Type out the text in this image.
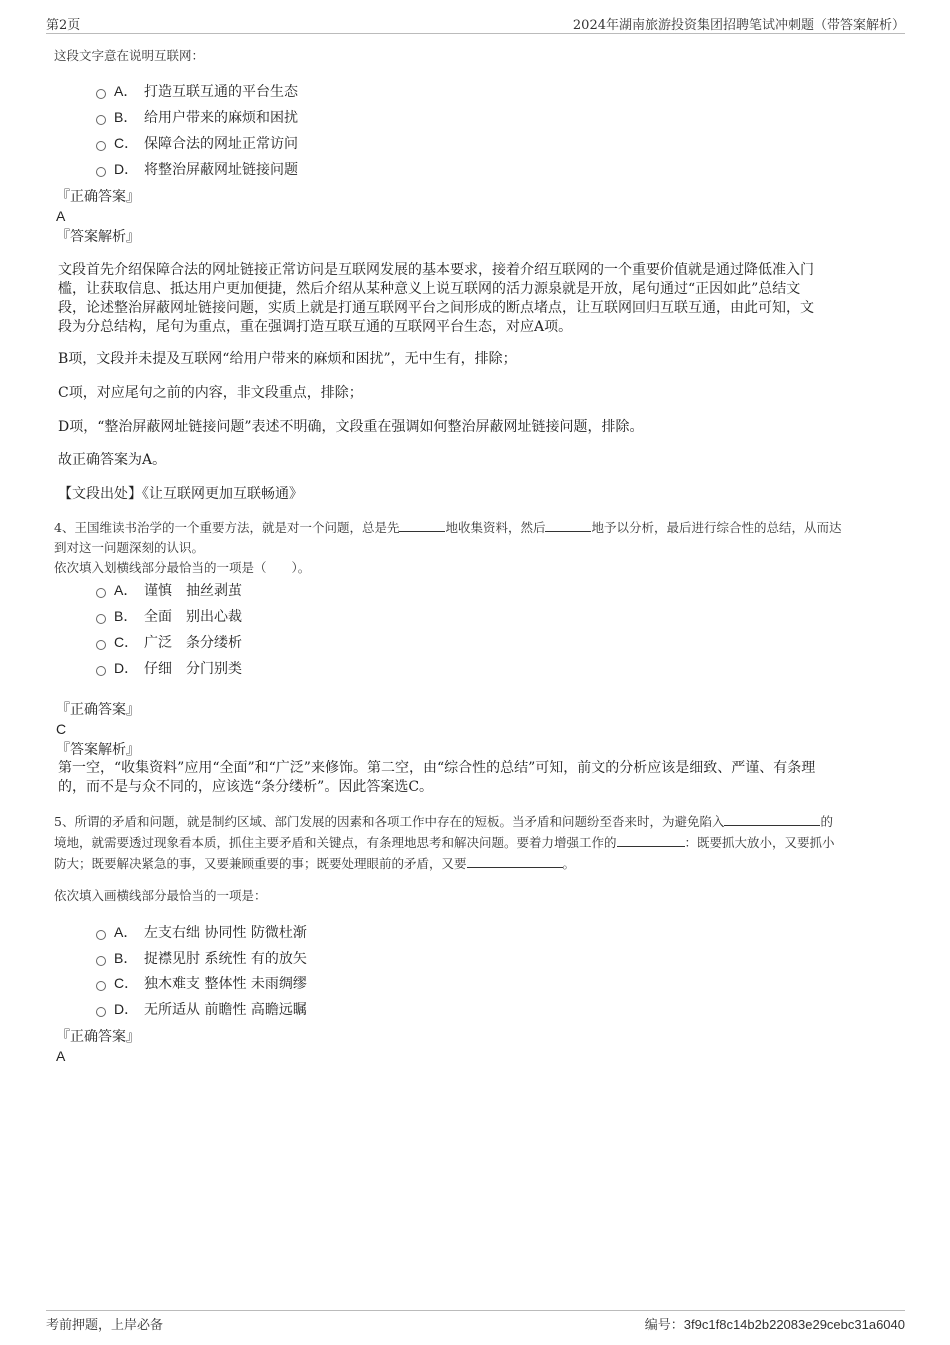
第2页	2024年湖南旅游投资集团招聘笔试冲刺题（带答案解析）
这段文字意在说明互联网：
A． 打造互联互通的平台生态
B． 给用户带来的麻烦和困扰
C． 保障合法的网址正常访问
D． 将整治屏蔽网址链接问题
『正确答案』
A
『答案解析』
文段首先介绍保障合法的网址链接正常访问是互联网发展的基本要求，接着介绍互联网的一个重要价值就是通过降低准入门
槛，让获取信息、抵达用户更加便捷，然后介绍从某种意义上说互联网的活力源泉就是开放，尾句通过“正因如此”总结文
段，论述整治屏蔽网址链接问题，实质上就是打通互联网平台之间形成的断点堵点，让互联网回归互联互通，由此可知，文
段为分总结构，尾句为重点，重在强调打造互联互通的互联网平台生态，对应A项。
B项，文段并未提及互联网“给用户带来的麻烦和困扰”，无中生有，排除；
C项，对应尾句之前的内容，非文段重点，排除；
D项，“整治屏蔽网址链接问题”表述不明确，文段重在强调如何整治屏蔽网址链接问题，排除。
故正确答案为A。
【文段出处】《让互联网更加互联畅通》
4、王国维读书治学的一个重要方法，就是对一个问题，总是先	地收集资料，然后	地予以分析，最后进行综合性的总结，从而达
到对这一问题深刻的认识。
依次填入划横线部分最恰当的一项是（　　）。
A． 谨慎 抽丝剥茧
B． 全面 别出心裁
C． 广泛 条分缕析
D． 仔细 分门别类
『正确答案』
C
『答案解析』
第一空，“收集资料”应用“全面”和“广泛”来修饰。第二空，由“综合性的总结”可知，前文的分析应该是细致、严谨、有条理
的，而不是与众不同的，应该选“条分缕析”。因此答案选C。
5、所谓的矛盾和问题，就是制约区域、部门发展的因素和各项工作中存在的短板。当矛盾和问题纷至沓来时，为避免陷入	的
境地，就需要透过现象看本质，抓住主要矛盾和关键点，有条理地思考和解决问题。要着力增强工作的	：既要抓大放小，又要抓小
防大；既要解决紧急的事，又要兼顾重要的事；既要处理眼前的矛盾，又要	。
依次填入画横线部分最恰当的一项是：
A． 左支右绌 协同性 防微杜渐
B． 捉襟见肘 系统性 有的放矢
C． 独木难支 整体性 未雨绸缪
D． 无所适从 前瞻性 高瞻远瞩
『正确答案』
A
考前押题，上岸必备	编号：3f9c1f8c14b2b22083e29cebc31a6040
